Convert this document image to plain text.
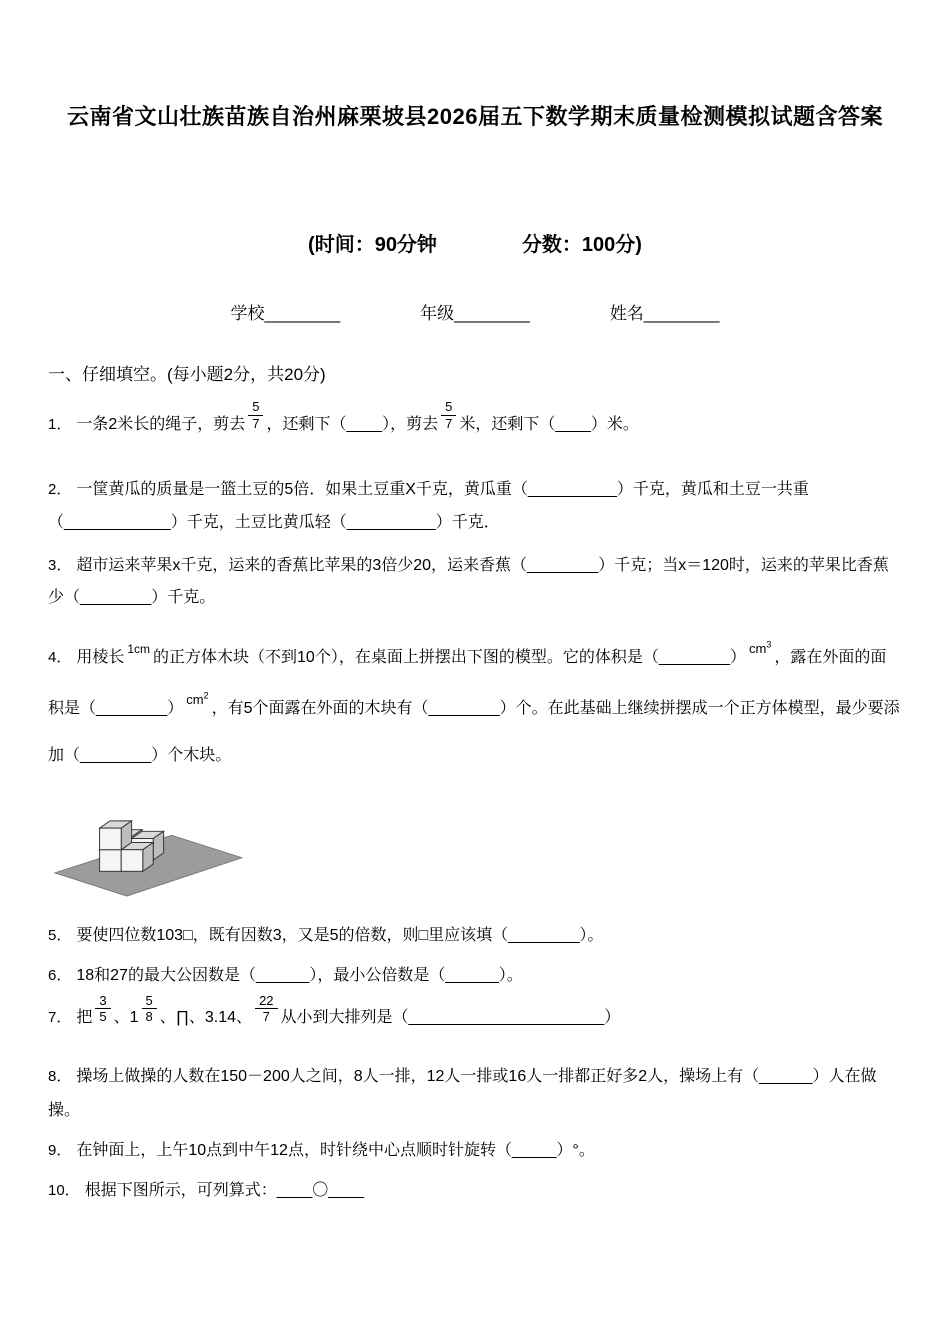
云南省文山壮族苗族自治州麻栗坡县2026届五下数学期末质量检测模拟试题含答案
(时间：90分钟	分数：100分)
学校________	年级________	姓名________
一、仔细填空。(每小题2分，共20分)
1． 一条2米长的绳子，剪去 $\frac{5}{7}$ ，还剩下（____），剪去 $\frac{5}{7}$ 米，还剩下（____）米。
2． 一筐黄瓜的质量是一篮土豆的5倍．如果土豆重X千克，黄瓜重（__________）千克，黄瓜和土豆一共重（____________）千克，土豆比黄瓜轻（__________）千克．
3． 超市运来苹果x千克，运来的香蕉比苹果的3倍少20，运来香蕉（________）千克；当x＝120时，运来的苹果比香蕉少（________）千克。
4． 用棱长 $^{1cm}$ 的正方体木块（不到10个），在桌面上拼摆出下图的模型。它的体积是（________）$^{cm^3}$，露在外面的面积是（________）$^{cm^2}$，有5个面露在外面的木块有（________）个。在此基础上继续拼摆成一个正方体模型，最少要添加（________）个木块。
5． 要使四位数103□，既有因数3，又是5的倍数，则□里应该填（________）。
6． 18和27的最大公因数是（______），最小公倍数是（______）。
7． 把 $\frac{3}{5}$ 、$1 \frac{5}{8}$ 、∏、3.14、 $\frac{22}{7}$ 从小到大排列是（______________________）
8． 操场上做操的人数在150－200人之间，8人一排，12人一排或16人一排都正好多2人，操场上有（______）人在做操。
9． 在钟面上，上午10点到中午12点，时针绕中心点顺时针旋转（_____）°。
10． 根据下图所示，可列算式：____〇____
